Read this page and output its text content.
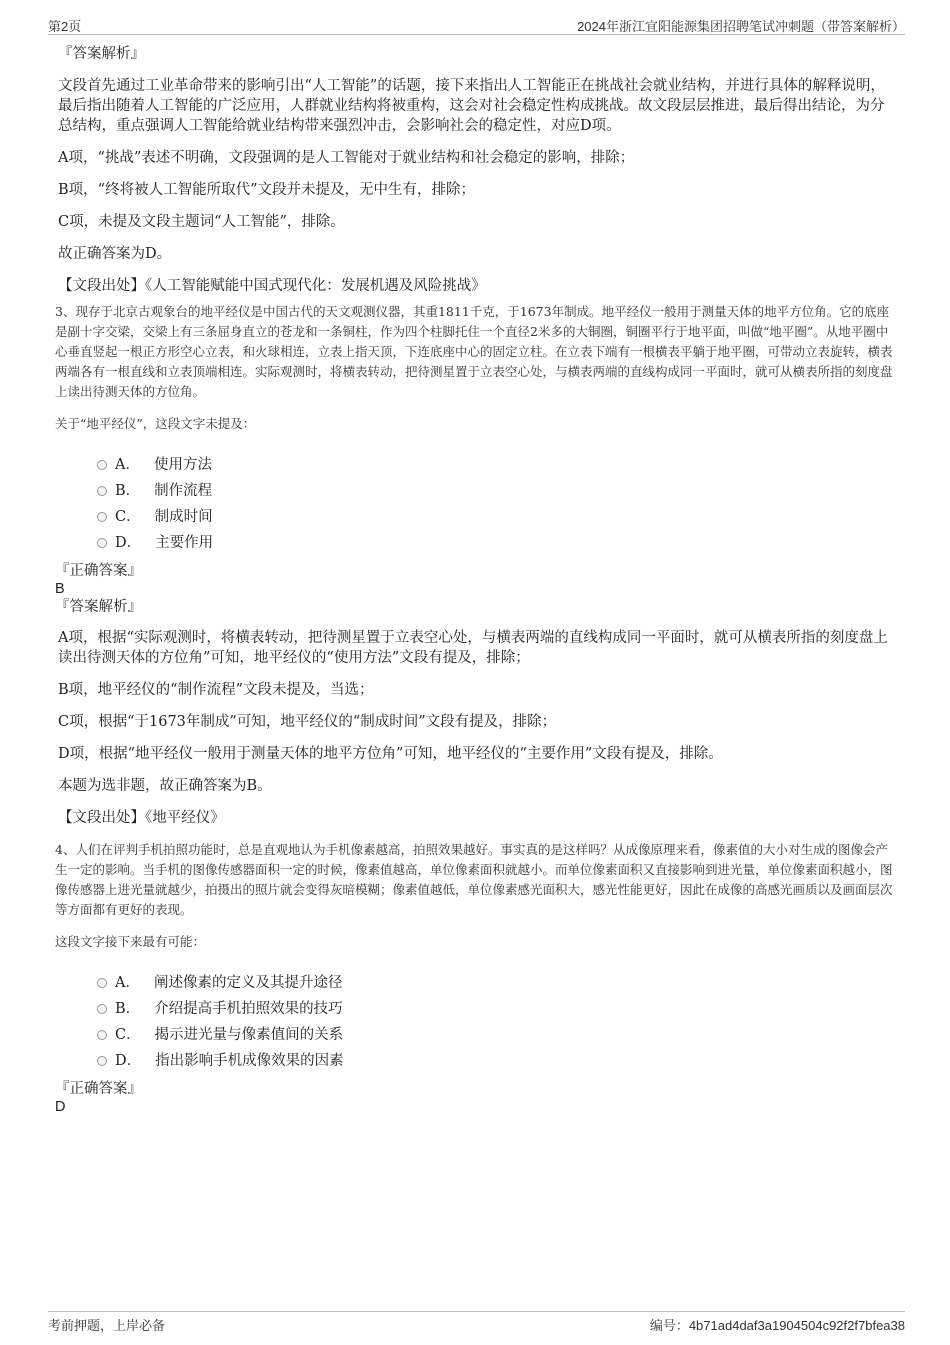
第2页	2024年浙江宜阳能源集团招聘笔试冲刺题（带答案解析）

『答案解析』

文段首先通过工业革命带来的影响引出“人工智能”的话题，接下来指出人工智能正在挑战社会就业结构，并进行具体的解释说明，最后指出随着人工智能的广泛应用，人群就业结构将被重构，这会对社会稳定性构成挑战。故文段层层推进，最后得出结论，为分总结构，重点强调人工智能给就业结构带来强烈冲击，会影响社会的稳定性，对应D项。

A项，“挑战”表述不明确，文段强调的是人工智能对于就业结构和社会稳定的影响，排除；

B项，“终将被人工智能所取代”文段并未提及，无中生有，排除；

C项，未提及文段主题词“人工智能”，排除。

故正确答案为D。

【文段出处】《人工智能赋能中国式现代化：发展机遇及风险挑战》

3、现存于北京古观象台的地平经仪是中国古代的天文观测仪器，其重1811千克，于1673年制成。地平经仪一般用于测量天体的地平方位角。它的底座是副十字交梁，交梁上有三条屈身直立的苍龙和一条铜柱，作为四个柱脚托住一个直径2米多的大铜圈，铜圈平行于地平面，叫做“地平圈”。从地平圈中心垂直竖起一根正方形空心立表，和火球相连，立表上指天顶，下连底座中心的固定立柱。在立表下端有一根横表平躺于地平圈，可带动立表旋转，横表两端各有一根直线和立表顶端相连。实际观测时，将横表转动，把待测星置于立表空心处，与横表两端的直线构成同一平面时，就可从横表所指的刻度盘上读出待测天体的方位角。

关于“地平经仪”，这段文字未提及：

A． 使用方法
B． 制作流程
C． 制成时间
D． 主要作用

『正确答案』

B

『答案解析』

A项，根据“实际观测时，将横表转动，把待测星置于立表空心处，与横表两端的直线构成同一平面时，就可从横表所指的刻度盘上读出待测天体的方位角”可知，地平经仪的“使用方法”文段有提及，排除；

B项，地平经仪的“制作流程”文段未提及，当选；

C项，根据“于1673年制成”可知，地平经仪的“制成时间”文段有提及，排除；

D项，根据“地平经仪一般用于测量天体的地平方位角”可知，地平经仪的“主要作用”文段有提及，排除。

本题为选非题，故正确答案为B。

【文段出处】《地平经仪》

4、人们在评判手机拍照功能时，总是直观地认为手机像素越高，拍照效果越好。事实真的是这样吗？从成像原理来看，像素值的大小对生成的图像会产生一定的影响。当手机的图像传感器面积一定的时候，像素值越高，单位像素面积就越小。而单位像素面积又直接影响到进光量，单位像素面积越小，图像传感器上进光量就越少，拍摄出的照片就会变得灰暗模糊；像素值越低，单位像素感光面积大，感光性能更好，因此在成像的高感光画质以及画面层次等方面都有更好的表现。

这段文字接下来最有可能：

A． 阐述像素的定义及其提升途径
B． 介绍提高手机拍照效果的技巧
C． 揭示进光量与像素值间的关系
D． 指出影响手机成像效果的因素

『正确答案』

D

考前押题，上岸必备	编号：4b71ad4daf3a1904504c92f2f7bfea38
